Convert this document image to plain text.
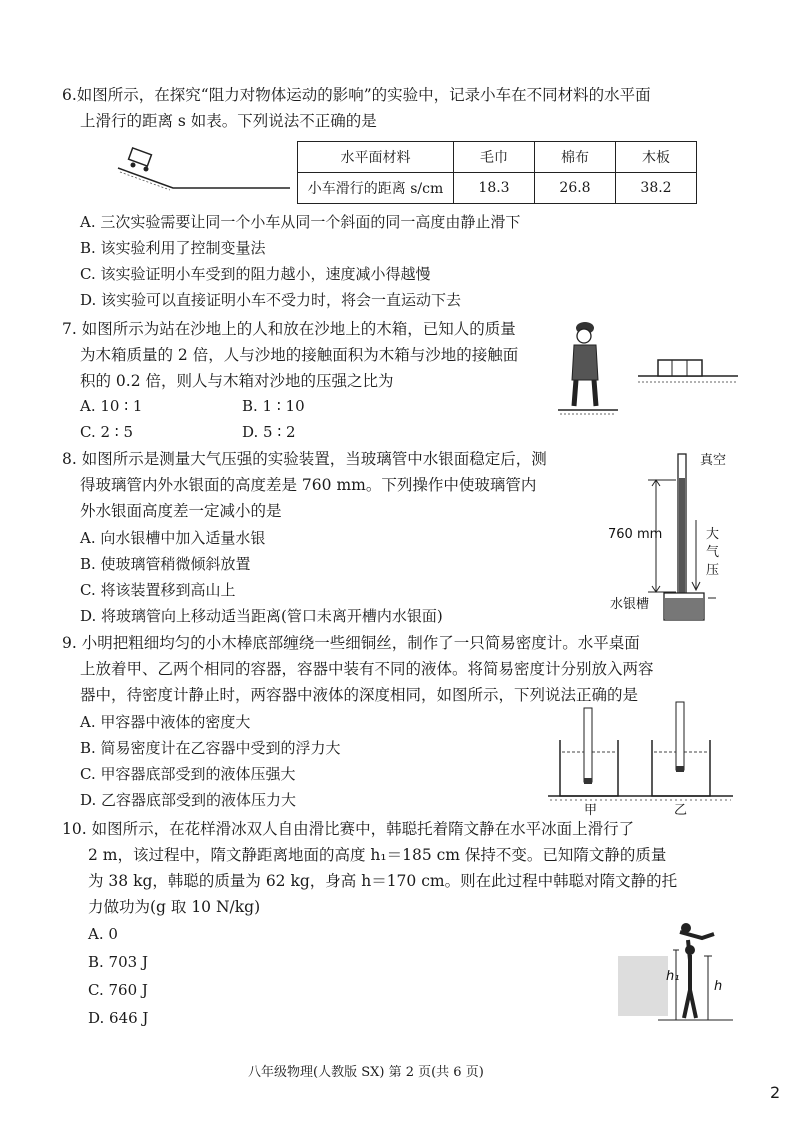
6.如图所示，在探究“阻力对物体运动的影响”的实验中，记录小车在不同材料的水平面
上滑行的距离 s 如表。下列说法不正确的是
水平面材料	毛巾	棉布	木板
小车滑行的距离 s/cm	18.3	26.8	38.2
A. 三次实验需要让同一个小车从同一个斜面的同一高度由静止滑下
B. 该实验利用了控制变量法
C. 该实验证明小车受到的阻力越小，速度减小得越慢
D. 该实验可以直接证明小车不受力时，将会一直运动下去
7. 如图所示为站在沙地上的人和放在沙地上的木箱，已知人的质量
为木箱质量的 2 倍，人与沙地的接触面积为木箱与沙地的接触面
积的 0.2 倍，则人与木箱对沙地的压强之比为
A. 10 ∶ 1	B. 1 ∶ 10
C. 2 ∶ 5	D. 5 ∶ 2
8. 如图所示是测量大气压强的实验装置，当玻璃管中水银面稳定后，测
得玻璃管内外水银面的高度差是 760 mm。下列操作中使玻璃管内
外水银面高度差一定减小的是
A. 向水银槽中加入适量水银
B. 使玻璃管稍微倾斜放置
C. 将该装置移到高山上
D. 将玻璃管向上移动适当距离(管口未离开槽内水银面)
真空
760 mm	大
气
压
水银槽
9. 小明把粗细均匀的小木棒底部缠绕一些细铜丝，制作了一只简易密度计。水平桌面
上放着甲、乙两个相同的容器，容器中装有不同的液体。将简易密度计分别放入两容
器中，待密度计静止时，两容器中液体的深度相同，如图所示，下列说法正确的是
A. 甲容器中液体的密度大
B. 简易密度计在乙容器中受到的浮力大
C. 甲容器底部受到的液体压强大
D. 乙容器底部受到的液体压力大
甲	乙
10. 如图所示，在花样滑冰双人自由滑比赛中，韩聪托着隋文静在水平冰面上滑行了
2 m，该过程中，隋文静距离地面的高度 h₁＝185 cm 保持不变。已知隋文静的质量
为 38 kg，韩聪的质量为 62 kg，身高 h＝170 cm。则在此过程中韩聪对隋文静的托
力做功为(g 取 10 N/kg)
A. 0
B. 703 J
C. 760 J
D. 646 J
h₁
h
八年级物理(人教版 SX) 第 2 页(共 6 页)
2
